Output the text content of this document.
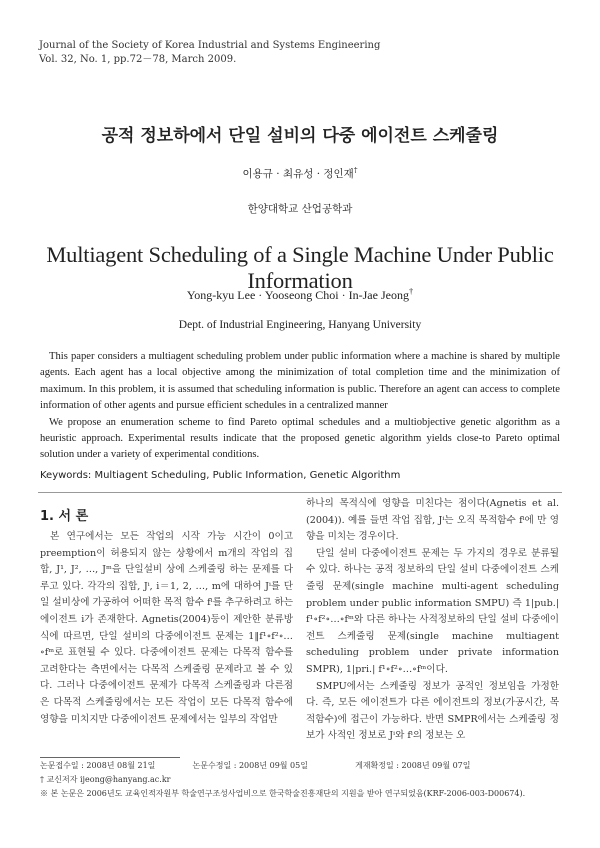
Journal of the Society of Korea Industrial and Systems Engineering
Vol. 32, No. 1, pp.72－78, March 2009.
공적 정보하에서 단일 설비의 다중 에이전트 스케줄링
이용규 · 최유성 · 정인재†
한양대학교 산업공학과
Multiagent Scheduling of a Single Machine Under Public Information
Yong-kyu Lee · Yooseong Choi · In-Jae Jeong†
Dept. of Industrial Engineering, Hanyang University

This paper considers a multiagent scheduling problem under public information where a machine is shared by multiple agents. Each agent has a local objective among the minimization of total completion time and the minimization of maximum. In this problem, it is assumed that scheduling information is public. Therefore an agent can access to complete information of other agents and pursue efficient schedules in a centralized manner

We propose an enumeration scheme to find Pareto optimal schedules and a multiobjective genetic algorithm as a heuristic approach. Experimental results indicate that the proposed genetic algorithm yields close-to Pareto optimal solution under a variety of experimental conditions.

Keywords: Multiagent Scheduling, Public Information, Genetic Algorithm
1. 서 론

본 연구에서는 모든 작업의 시작 가능 시간이 0이고 preemption이 허용되지 않는 상황에서 m개의 작업의 집합, J¹, J², …, Jᵐ을 단일설비 상에 스케줄링 하는 문제를 다루고 있다. 각각의 집합, Jⁱ, i＝1, 2, …, m에 대하여 Jⁱ를 단일 설비상에 가공하여 어떠한 목적 함수 fⁱ를 추구하려고 하는 에이전트 i가 존재한다. Agnetis(2004)등이 제안한 분류방식에 따르면, 단일 설비의 다중에이전트 문제는 1‖f¹∘f²∘…∘fᵐ로 표현될 수 있다. 다중에이전트 문제는 다목적 함수를 고려한다는 측면에서는 다목적 스케줄링 문제라고 볼 수 있다. 그러나 다중에이전트 문제가 다목적 스케줄링과 다른점은 다목적 스케줄링에서는 모든 작업이 모든 다목적 함수에 영향을 미치지만 다중에이전트 문제에서는 일부의 작업만

하나의 목적식에 영향을 미친다는 점이다(Agnetis et al.(2004)). 예를 들면 작업 집합, Jⁱ는 오직 목적함수 fⁱ에 만 영향을 미치는 경우이다.

단일 설비 다중에이전트 문제는 두 가지의 경우로 분류될 수 있다. 하나는 공적 정보하의 단일 설비 다중에이전트 스케줄링 문제(single machine multi-agent scheduling problem under public information SMPU) 즉 1|pub.| f¹∘f²∘…∘fᵐ와 다른 하나는 사적정보하의 단일 설비 다중에이전트 스케줄링 문제(single machine multiagent scheduling problem under private information SMPR), 1|pri.| f¹∘f²∘…∘fᵐ이다.

SMPU에서는 스케줄링 정보가 공적인 정보임을 가정한다. 즉, 모든 에이전트가 다른 에이전트의 정보(가공시간, 목적함수)에 접근이 가능하다. 반면 SMPR에서는 스케줄링 정보가 사적인 정보로 Jⁱ와 fⁱ의 정보는 오

논문접수일 : 2008년 08월 21일	논문수정일 : 2008년 09월 05일	게재확정일 : 2008년 09월 07일
† 교신저자 ijeong@hanyang.ac.kr
※ 본 논문은 2006년도 교육인적자원부 학술연구조성사업비으로 한국학술진흥재단의 지원을 받아 연구되었음(KRF-2006-003-D00674).
